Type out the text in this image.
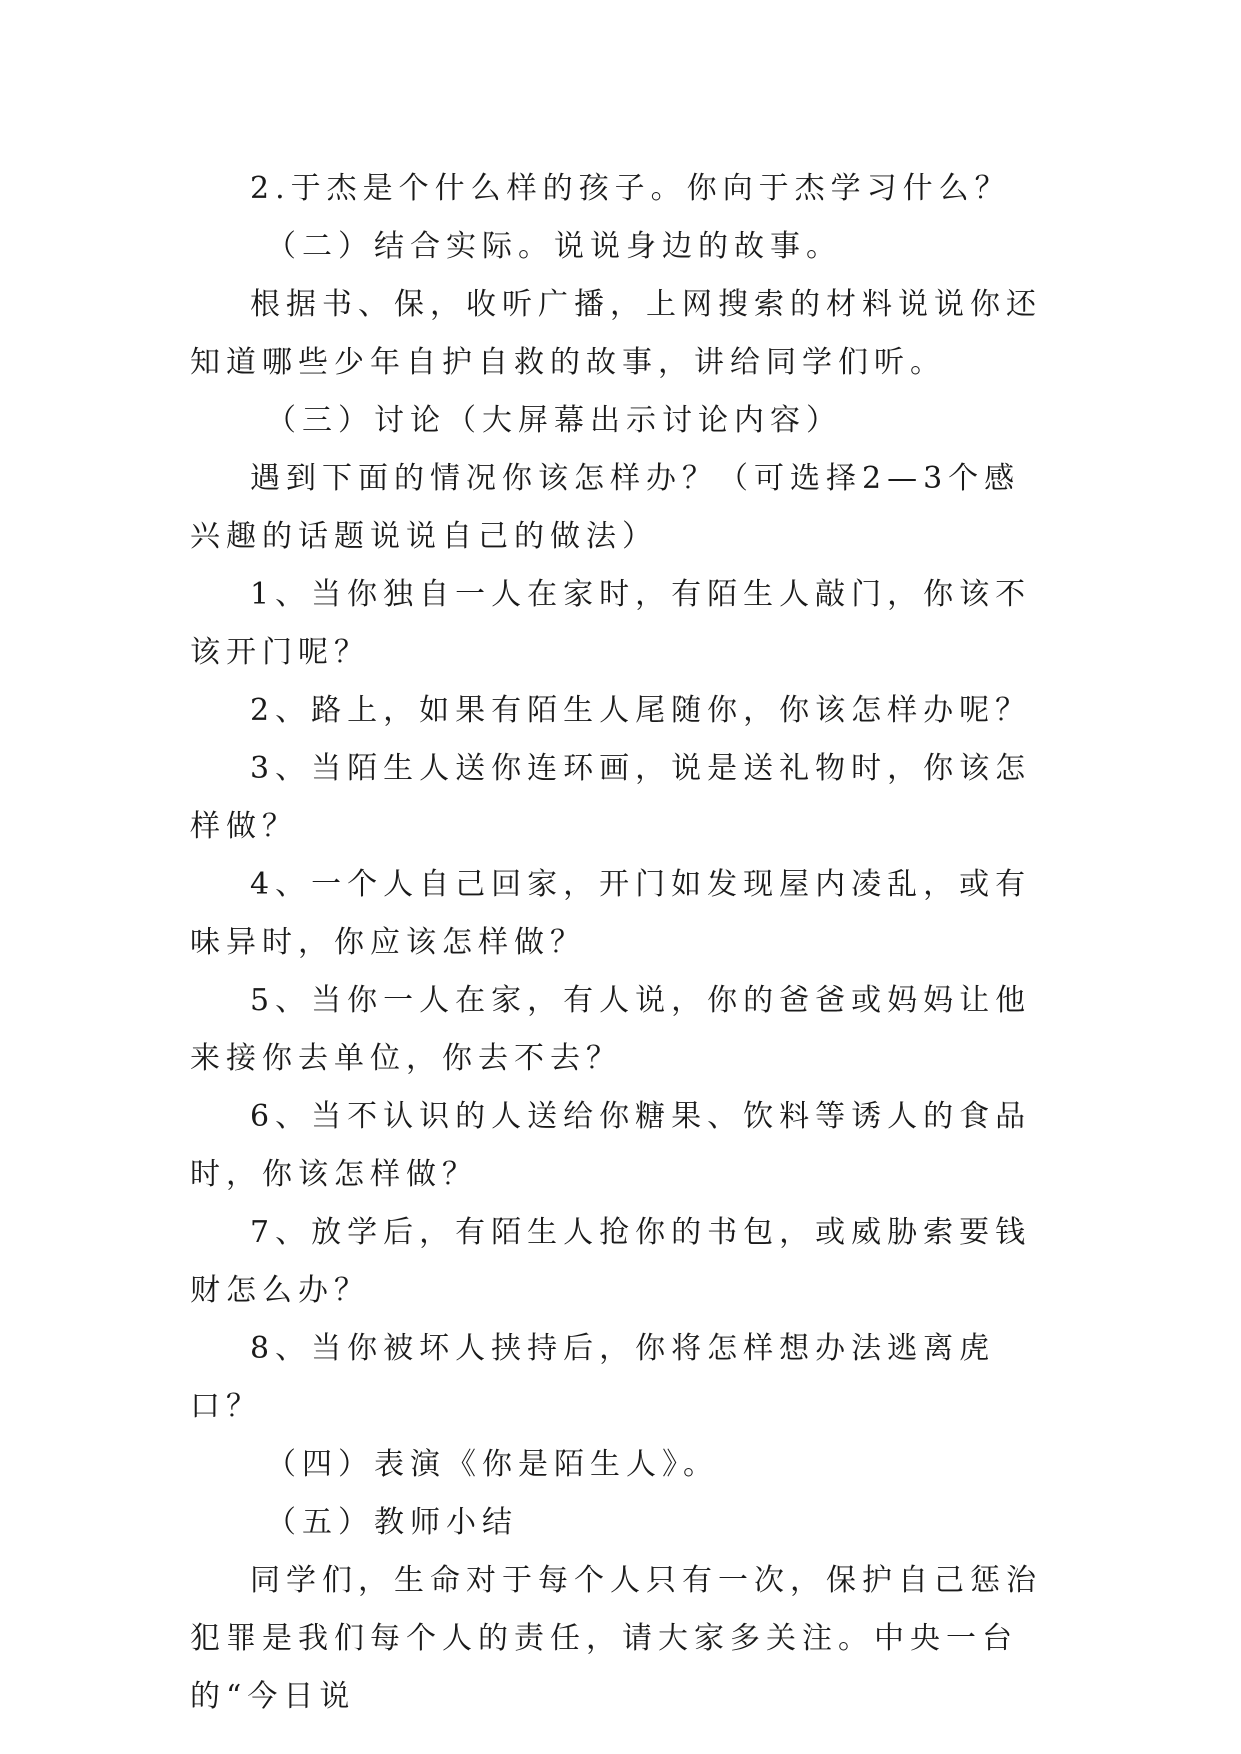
2.于杰是个什么样的孩子。你向于杰学习什么？

（二）结合实际。说说身边的故事。

根据书、保，收听广播，上网搜索的材料说说你还知道哪些少年自护自救的故事，讲给同学们听。

（三）讨论（大屏幕出示讨论内容）

遇到下面的情况你该怎样办？（可选择2—3个感兴趣的话题说说自己的做法）

1、当你独自一人在家时，有陌生人敲门，你该不该开门呢？

2、路上，如果有陌生人尾随你，你该怎样办呢？

3、当陌生人送你连环画，说是送礼物时，你该怎样做？

4、一个人自己回家，开门如发现屋内凌乱，或有味异时，你应该怎样做？

5、当你一人在家，有人说，你的爸爸或妈妈让他来接你去单位，你去不去？

6、当不认识的人送给你糖果、饮料等诱人的食品时，你该怎样做？

7、放学后，有陌生人抢你的书包，或威胁索要钱财怎么办？

8、当你被坏人挟持后，你将怎样想办法逃离虎口？

（四）表演《你是陌生人》。

（五）教师小结

同学们，生命对于每个人只有一次，保护自己惩治犯罪是我们每个人的责任，请大家多关注。中央一台的“今日说
